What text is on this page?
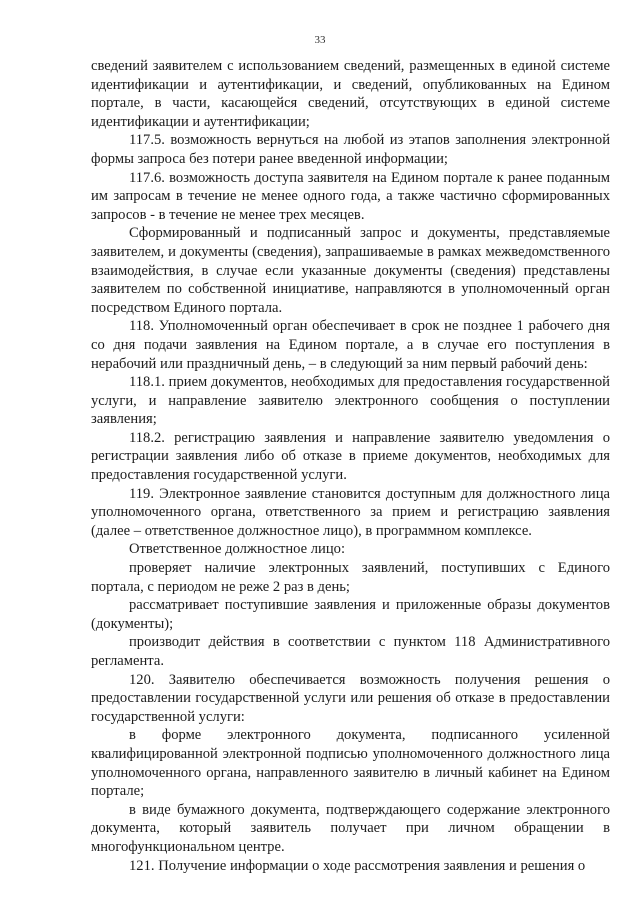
33

сведений заявителем с использованием сведений, размещенных в единой системе идентификации и аутентификации, и сведений, опубликованных на Едином портале, в части, касающейся сведений, отсутствующих в единой системе идентификации и аутентификации;

117.5. возможность вернуться на любой из этапов заполнения электронной формы запроса без потери ранее введенной информации;

117.6. возможность доступа заявителя на Едином портале к ранее поданным им запросам в течение не менее одного года, а также частично сформированных запросов - в течение не менее трех месяцев.

Сформированный и подписанный запрос и документы, представляемые заявителем, и документы (сведения), запрашиваемые в рамках межведомственного взаимодействия, в случае если указанные документы (сведения) представлены заявителем по собственной инициативе, направляются в уполномоченный орган посредством Единого портала.

118. Уполномоченный орган обеспечивает в срок не позднее 1 рабочего дня со дня подачи заявления на Едином портале, а в случае его поступления в нерабочий или праздничный день, – в следующий за ним первый рабочий день:

118.1. прием документов, необходимых для предоставления государственной услуги, и направление заявителю электронного сообщения о поступлении заявления;

118.2. регистрацию заявления и направление заявителю уведомления о регистрации заявления либо об отказе в приеме документов, необходимых для предоставления государственной услуги.

119. Электронное заявление становится доступным для должностного лица уполномоченного органа, ответственного за прием и регистрацию заявления (далее – ответственное должностное лицо), в программном комплексе.

Ответственное должностное лицо:

проверяет наличие электронных заявлений, поступивших с Единого портала, с периодом не реже 2 раз в день;

рассматривает поступившие заявления и приложенные образы документов (документы);

производит действия в соответствии с пунктом 118 Административного регламента.

120. Заявителю обеспечивается возможность получения решения о предоставлении государственной услуги или решения об отказе в предоставлении государственной услуги:

в форме электронного документа, подписанного усиленной квалифицированной электронной подписью уполномоченного должностного лица уполномоченного органа, направленного заявителю в личный кабинет на Едином портале;

в виде бумажного документа, подтверждающего содержание электронного документа, который заявитель получает при личном обращении в многофункциональном центре.

121. Получение информации о ходе рассмотрения заявления и решения о
